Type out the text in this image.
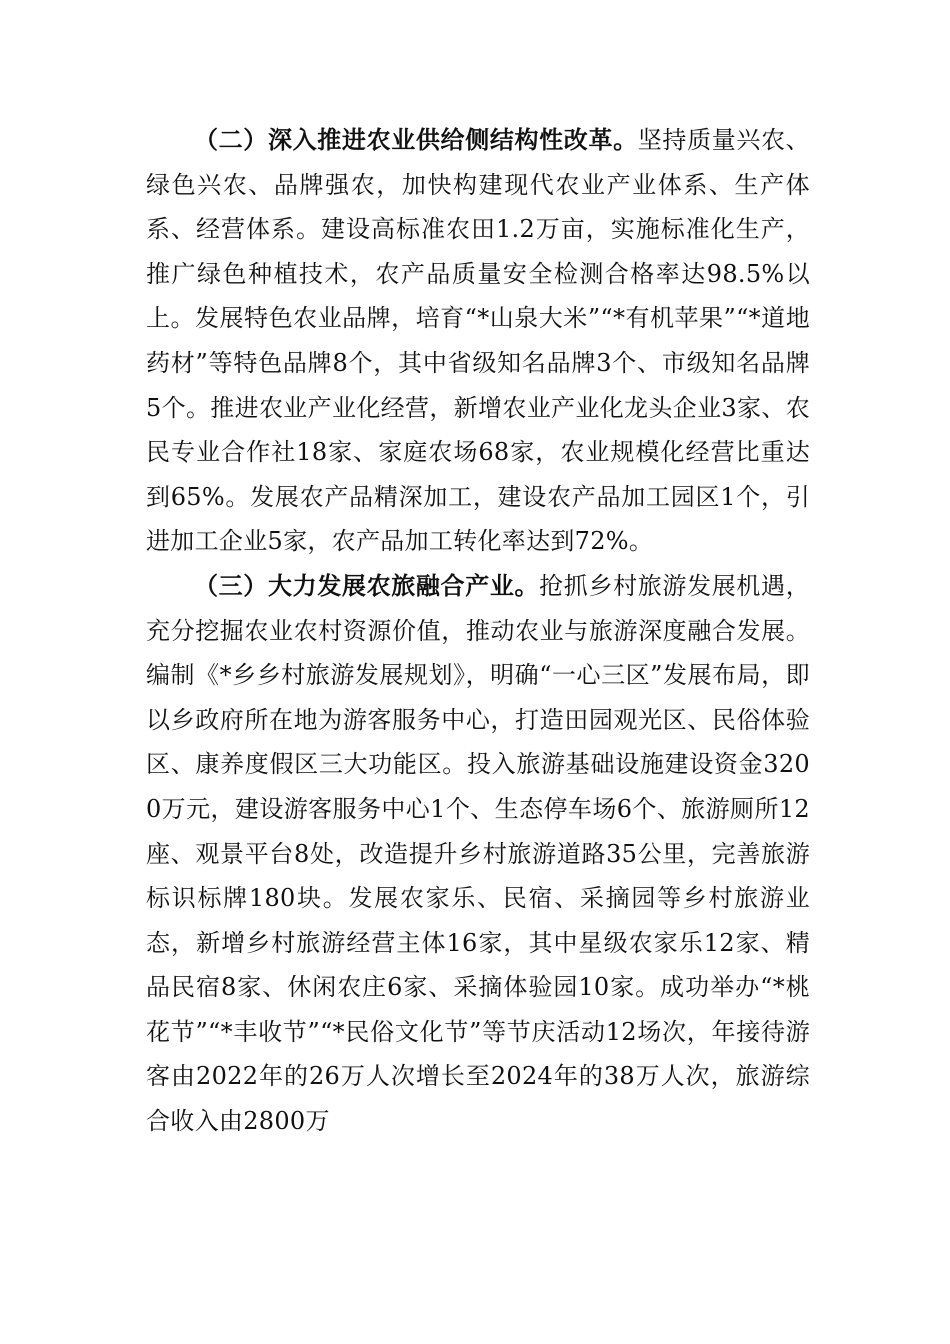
（二）深入推进农业供给侧结构性改革。坚持质量兴农、绿色兴农、品牌强农，加快构建现代农业产业体系、生产体系、经营体系。建设高标准农田1.2万亩，实施标准化生产，推广绿色种植技术，农产品质量安全检测合格率达98.5%以上。发展特色农业品牌，培育“*山泉大米”“*有机苹果”“*道地药材”等特色品牌8个，其中省级知名品牌3个、市级知名品牌5个。推进农业产业化经营，新增农业产业化龙头企业3家、农民专业合作社18家、家庭农场68家，农业规模化经营比重达到65%。发展农产品精深加工，建设农产品加工园区1个，引进加工企业5家，农产品加工转化率达到72%。

（三）大力发展农旅融合产业。抢抓乡村旅游发展机遇，充分挖掘农业农村资源价值，推动农业与旅游深度融合发展。编制《*乡乡村旅游发展规划》，明确“一心三区”发展布局，即以乡政府所在地为游客服务中心，打造田园观光区、民俗体验区、康养度假区三大功能区。投入旅游基础设施建设资金3200万元，建设游客服务中心1个、生态停车场6个、旅游厕所12座、观景平台8处，改造提升乡村旅游道路35公里，完善旅游标识标牌180块。发展农家乐、民宿、采摘园等乡村旅游业态，新增乡村旅游经营主体16家，其中星级农家乐12家、精品民宿8家、休闲农庄6家、采摘体验园10家。成功举办“*桃花节”“*丰收节”“*民俗文化节”等节庆活动12场次，年接待游客由2022年的26万人次增长至2024年的38万人次，旅游综合收入由2800万
